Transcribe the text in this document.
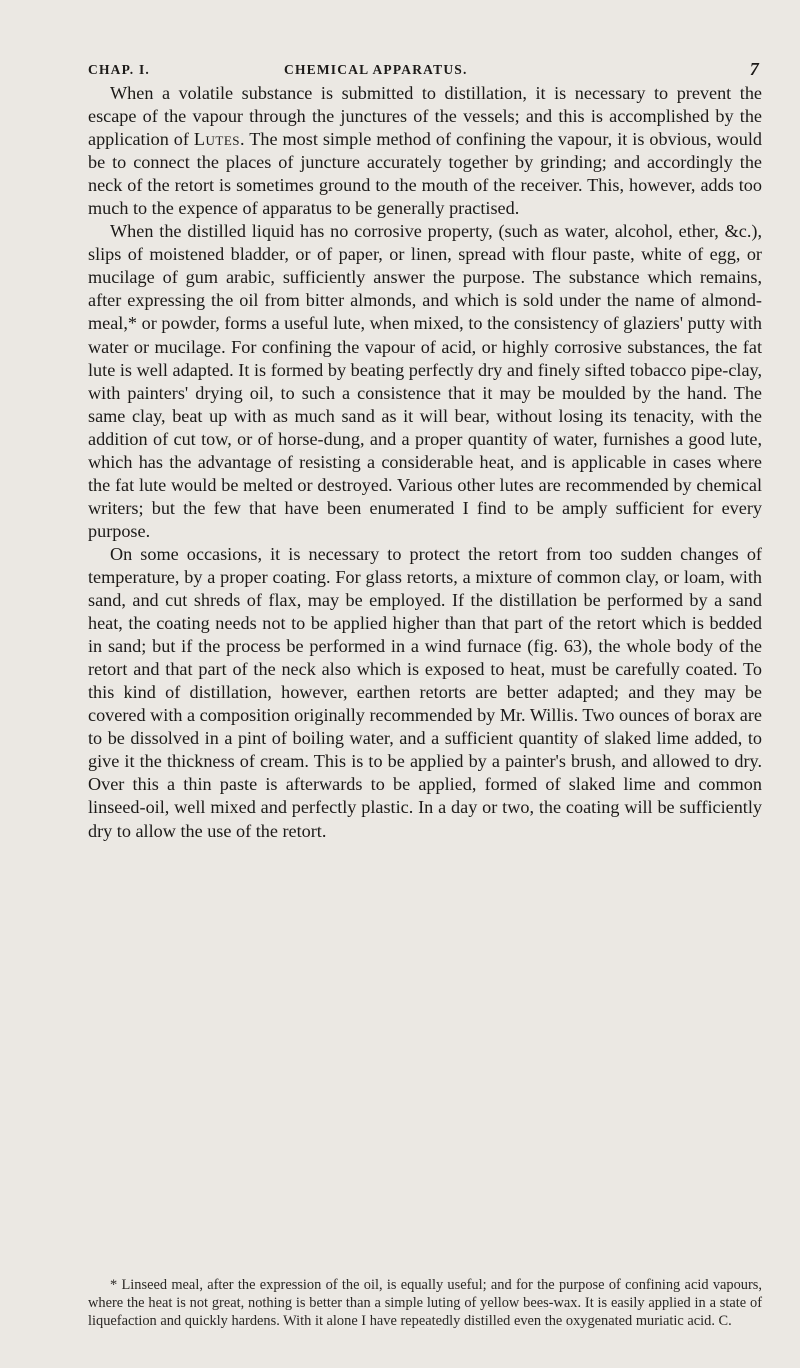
CHAP. I.	CHEMICAL APPARATUS.	7

When a volatile substance is submitted to distillation, it is necessary to prevent the escape of the vapour through the junctures of the vessels; and this is accomplished by the application of Lutes. The most simple method of confining the vapour, it is obvious, would be to connect the places of juncture accurately together by grinding; and accordingly the neck of the retort is sometimes ground to the mouth of the receiver. This, however, adds too much to the expence of apparatus to be generally practised.

When the distilled liquid has no corrosive property, (such as water, alcohol, ether, &c.), slips of moistened bladder, or of paper, or linen, spread with flour paste, white of egg, or mucilage of gum arabic, sufficiently answer the purpose. The substance which remains, after expressing the oil from bitter almonds, and which is sold under the name of almond-meal,* or powder, forms a useful lute, when mixed, to the consistency of glaziers' putty with water or mucilage. For confining the vapour of acid, or highly corrosive substances, the fat lute is well adapted. It is formed by beating perfectly dry and finely sifted tobacco pipe-clay, with painters' drying oil, to such a consistence that it may be moulded by the hand. The same clay, beat up with as much sand as it will bear, without losing its tenacity, with the addition of cut tow, or of horse-dung, and a proper quantity of water, furnishes a good lute, which has the advantage of resisting a considerable heat, and is applicable in cases where the fat lute would be melted or destroyed. Various other lutes are recommended by chemical writers; but the few that have been enumerated I find to be amply sufficient for every purpose.

On some occasions, it is necessary to protect the retort from too sudden changes of temperature, by a proper coating. For glass retorts, a mixture of common clay, or loam, with sand, and cut shreds of flax, may be employed. If the distillation be performed by a sand heat, the coating needs not to be applied higher than that part of the retort which is bedded in sand; but if the process be performed in a wind furnace (fig. 63), the whole body of the retort and that part of the neck also which is exposed to heat, must be carefully coated. To this kind of distillation, however, earthen retorts are better adapted; and they may be covered with a composition originally recommended by Mr. Willis. Two ounces of borax are to be dissolved in a pint of boiling water, and a sufficient quantity of slaked lime added, to give it the thickness of cream. This is to be applied by a painter's brush, and allowed to dry. Over this a thin paste is afterwards to be applied, formed of slaked lime and common linseed-oil, well mixed and perfectly plastic. In a day or two, the coating will be sufficiently dry to allow the use of the retort.

* Linseed meal, after the expression of the oil, is equally useful; and for the purpose of confining acid vapours, where the heat is not great, nothing is better than a simple luting of yellow bees-wax. It is easily applied in a state of liquefaction and quickly hardens. With it alone I have repeatedly distilled even the oxygenated muriatic acid. C.
